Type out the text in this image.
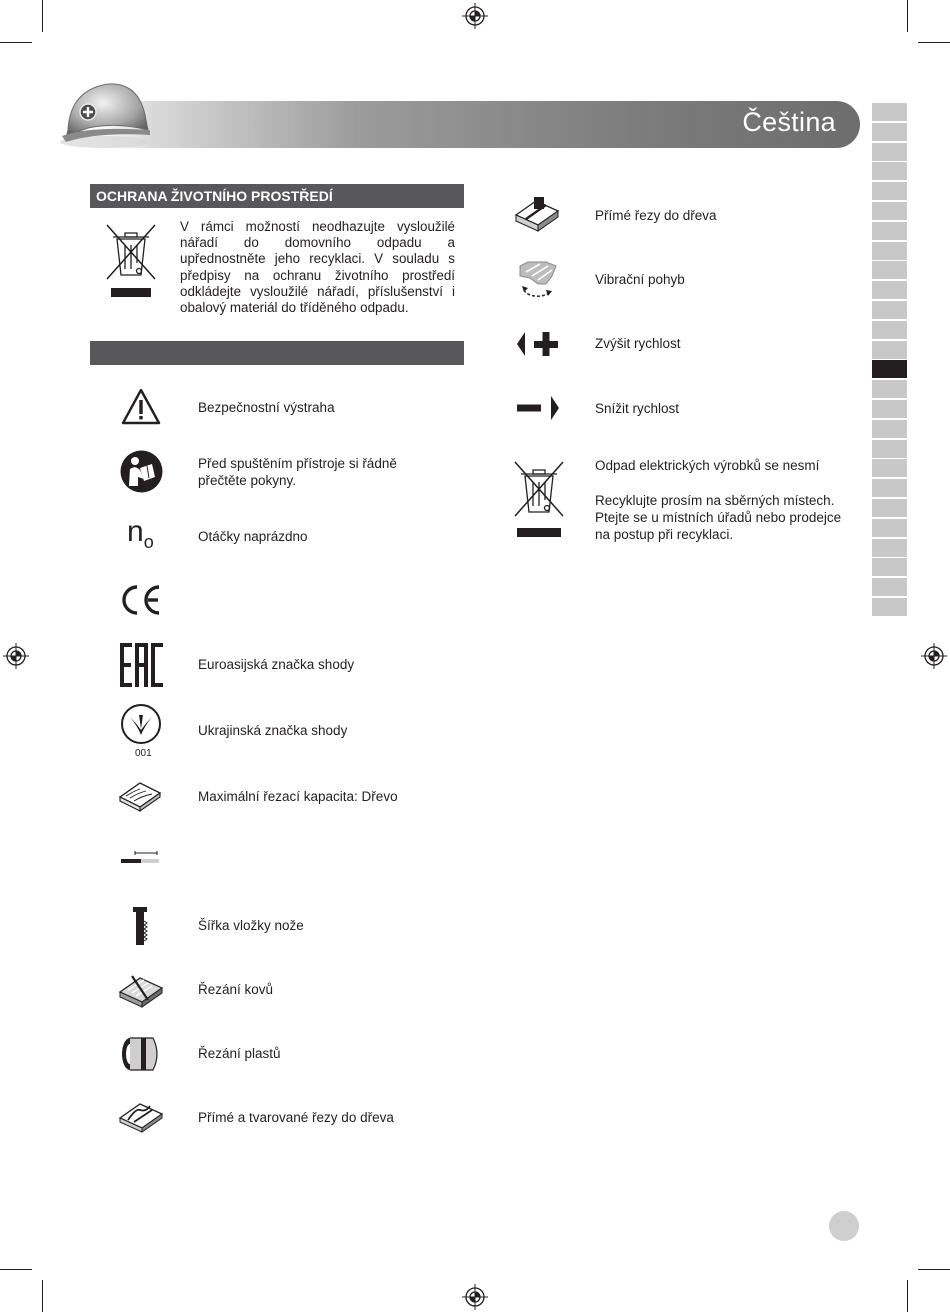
Čeština
OCHRANA ŽIVOTNÍHO PROSTŘEDÍ
V rámci možností neodhazujte vysloužilé nářadí do domovního odpadu a upřednostněte jeho recyklaci. V souladu s předpisy na ochranu životního prostředí odkládejte vysloužilé nářadí, příslušenství i obalový materiál do tříděného odpadu.
Bezpečnostní výstraha
Před spuštěním přístroje si řádně přečtěte pokyny.
$n_o$	Otáčky naprázdno
Euroasijská značka shody
001
Ukrajinská značka shody
Maximální řezací kapacita: Dřevo
Šířka vložky nože
Řezání kovů
Řezání plastů
Přímé a tvarované řezy do dřeva
Přímé řezy do dřeva
Vibrační pohyb
Zvýšit rychlost
Snížit rychlost
Odpad elektrických výrobků se nesmí
Recyklujte prosím na sběrných místech. Ptejte se u místních úřadů nebo prodejce na postup při recyklaci.
